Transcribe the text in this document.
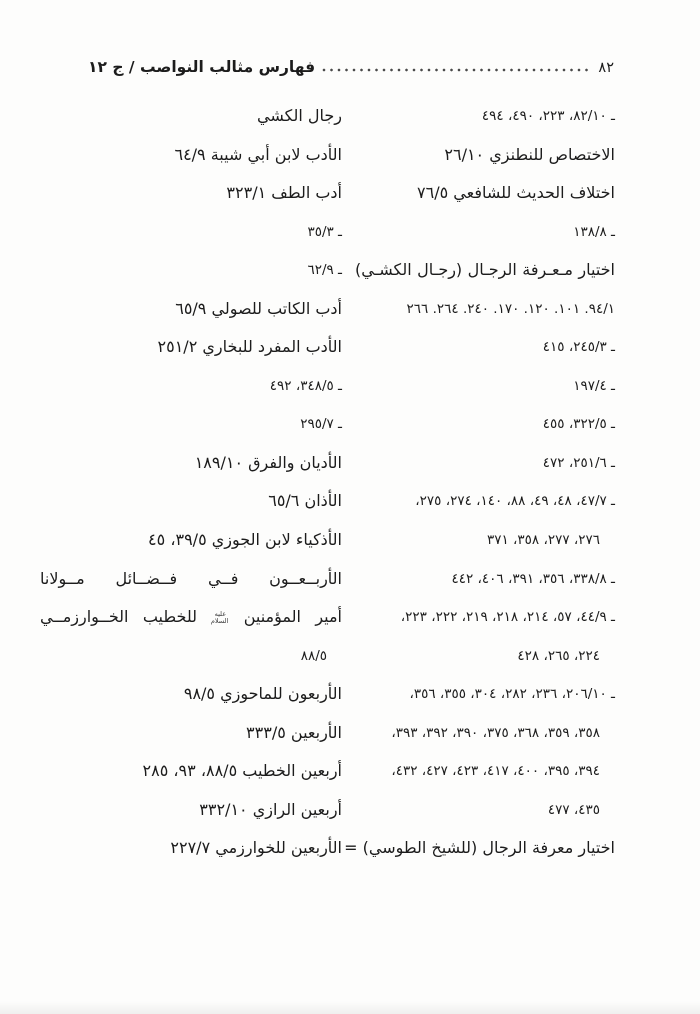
فهارس مثالب النواصب / ج ١٢	٨٢
ـ ٨٢/١٠، ٢٢٣، ٤٩٠، ٤٩٤
الاختصاص للنطنزي ٢٦/١٠
اختلاف الحديث للشافعي ٧٦/٥
ـ ١٣٨/٨
اختيار مـعـرفة الرجـال (رجـال الكشـي)
٩٤/١. ١٠١. ١٢٠. ١٧٠. ٢٤٠. ٢٦٤. ٢٦٦
ـ ٢٤٥/٣، ٤١٥
ـ ١٩٧/٤
ـ ٣٢٢/٥، ٤٥٥
ـ ٢٥١/٦، ٤٧٢
ـ ٤٧/٧، ٤٨، ٤٩، ٨٨، ١٤٠، ٢٧٤، ٢٧٥،
٢٧٦، ٢٧٧، ٣٥٨، ٣٧١
ـ ٣٣٨/٨، ٣٥٦، ٣٩١، ٤٠٦، ٤٤٢
ـ ٤٤/٩، ٥٧، ٢١٤، ٢١٨، ٢١٩، ٢٢٢، ٢٢٣،
٢٢٤، ٢٦٥، ٤٢٨
ـ ٢٠٦/١٠، ٢٣٦، ٢٨٢، ٣٠٤، ٣٥٥، ٣٥٦،
٣٥٨، ٣٥٩، ٣٦٨، ٣٧٥، ٣٩٠، ٣٩٢، ٣٩٣،
٣٩٤، ٣٩٥، ٤٠٠، ٤١٧، ٤٢٣، ٤٢٧، ٤٣٢،
٤٣٥، ٤٧٧
اختيار معرفة الرجال (للشيخ الطوسي) =
رجال الكشي
الأدب لابن أبي شيبة ٦٤/٩
أدب الطف ٣٢٣/١
ـ ٣٥/٣
ـ ٦٢/٩
أدب الكاتب للصولي ٦٥/٩
الأدب المفرد للبخاري ٢٥١/٢
ـ ٣٤٨/٥، ٤٩٢
ـ ٢٩٥/٧
الأديان والفرق ١٨٩/١٠
الأذان ٦٥/٦
الأذكياء لابن الجوزي ٣٩/٥، ٤٥
الأربــعــون فــي فــضــائل مــولانا
أمير المؤمنين عليه السلام للخطيب الخــوارزمــي
٨٨/٥
الأربعون للماحوزي ٩٨/٥
الأربعين ٣٣٣/٥
أربعين الخطيب ٨٨/٥، ٩٣، ٢٨٥
أربعين الرازي ٣٣٢/١٠
الأربعين للخوارزمي ٢٢٧/٧
